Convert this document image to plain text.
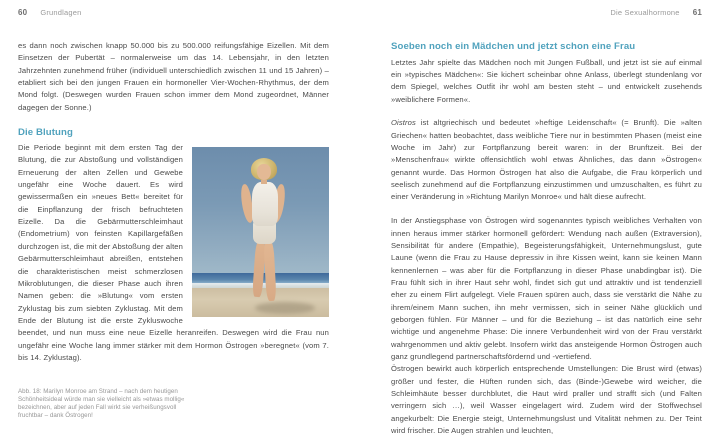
60 Grundlagen	Die Sexualhormone 61

es dann noch zwischen knapp 50.000 bis zu 500.000 reifungsfähige Eizellen. Mit dem Einsetzen der Pubertät – normalerweise um das 14. Lebensjahr, in den letzten Jahrzehnten zunehmend früher (individuell unterschiedlich zwischen 11 und 15 Jahren) – etabliert sich bei den jungen Frauen ein hormoneller Vier-Wochen-Rhythmus, der dem Mond folgt. (Deswegen wurden Frauen schon immer dem Mond zugeordnet, Männer dagegen der Sonne.)

Die Blutung

Die Periode beginnt mit dem ersten Tag der Blutung, die zur Abstoßung und vollständigen Erneuerung der alten Zellen und Gewebe ungefähr eine Woche dauert. Es wird gewissermaßen ein »neues Bett« bereitet für die Einpflanzung der frisch befruchteten Eizelle. Da die Gebärmutterschleimhaut (Endometrium) von feinsten Kapillargefäßen durchzogen ist, die mit der Abstoßung der alten Gebärmutterschleimhaut abreißen, entstehen die charakteristischen meist schmerzlosen Mikroblutungen, die dieser Phase auch ihren Namen geben: die »Blutung« vom ersten Zyklustag bis zum siebten Zyklustag. Mit dem Ende der Blutung ist die erste Zykluswoche beendet, und nun muss eine neue Eizelle heranreifen. Deswegen wird die Frau nun ungefähr eine Woche lang immer stärker mit dem Hormon Östrogen »beregnet« (vom 7. bis 14. Zyklustag).

Abb. 18: Marilyn Monroe am Strand – nach dem heutigen Schönheitsideal würde man sie vielleicht als »etwas mollig« bezeichnen, aber auf jeden Fall wirkt sie verheißungsvoll fruchtbar – dank Östrogen!
Soeben noch ein Mädchen und jetzt schon eine Frau

Letztes Jahr spielte das Mädchen noch mit Jungen Fußball, und jetzt ist sie auf einmal ein »typisches Mädchen«: Sie kichert scheinbar ohne Anlass, überlegt stundenlang vor dem Spiegel, welches Outfit ihr wohl am besten steht – und entwickelt zusehends »weiblichere Formen«.

Oistros ist altgriechisch und bedeutet »heftige Leidenschaft« (= Brunft). Die »alten Griechen« hatten beobachtet, dass weibliche Tiere nur in bestimmten Phasen (meist eine Woche im Jahr) zur Fortpflanzung bereit waren: in der Brunftzeit. Bei der »Menschenfrau« wirkte offensichtlich wohl etwas Ähnliches, das dann »Östrogen« genannt wurde. Das Hormon Östrogen hat also die Aufgabe, die Frau körperlich und seelisch zunehmend auf die Fortpflanzung einzustimmen und umzuschalten, es führt zu einer Veränderung in »Richtung Marilyn Monroe« und hält diese aufrecht.

In der Anstiegsphase von Östrogen wird sogenanntes typisch weibliches Verhalten von innen heraus immer stärker hormonell gefördert: Wendung nach außen (Extraversion), Sensibilität für andere (Empathie), Begeisterungsfähigkeit, Unternehmungslust, gute Laune (wenn die Frau zu Hause depressiv in ihre Kissen weint, kann sie keinen Mann kennenlernen – was aber für die Fortpflanzung in dieser Phase unabdingbar ist). Die Frau fühlt sich in ihrer Haut sehr wohl, findet sich gut und attraktiv und ist tendenziell eher zu einem Flirt aufgelegt. Viele Frauen spüren auch, dass sie verstärkt die Nähe zu ihrem/einem Mann suchen, ihn mehr vermissen, sich in seiner Nähe glücklich und geborgen fühlen. Für Männer – und für die Beziehung – ist das natürlich eine sehr wichtige und angenehme Phase: Die innere Verbundenheit wird von der Frau verstärkt wahrgenommen und aktiv gelebt. Insofern wirkt das ansteigende Hormon Östrogen auch ganz grundlegend partnerschaftsfördernd und -vertiefend.

Östrogen bewirkt auch körperlich entsprechende Umstellungen: Die Brust wird (etwas) größer und fester, die Hüften runden sich, das (Binde-)Gewebe wird weicher, die Schleimhäute besser durchblutet, die Haut wird praller und strafft sich (und Falten verringern sich …), weil Wasser eingelagert wird. Zudem wird der Stoffwechsel angekurbelt: Die Energie steigt, Unternehmungslust und Vitalität nehmen zu. Der Teint wird frischer. Die Augen strahlen und leuchten,
